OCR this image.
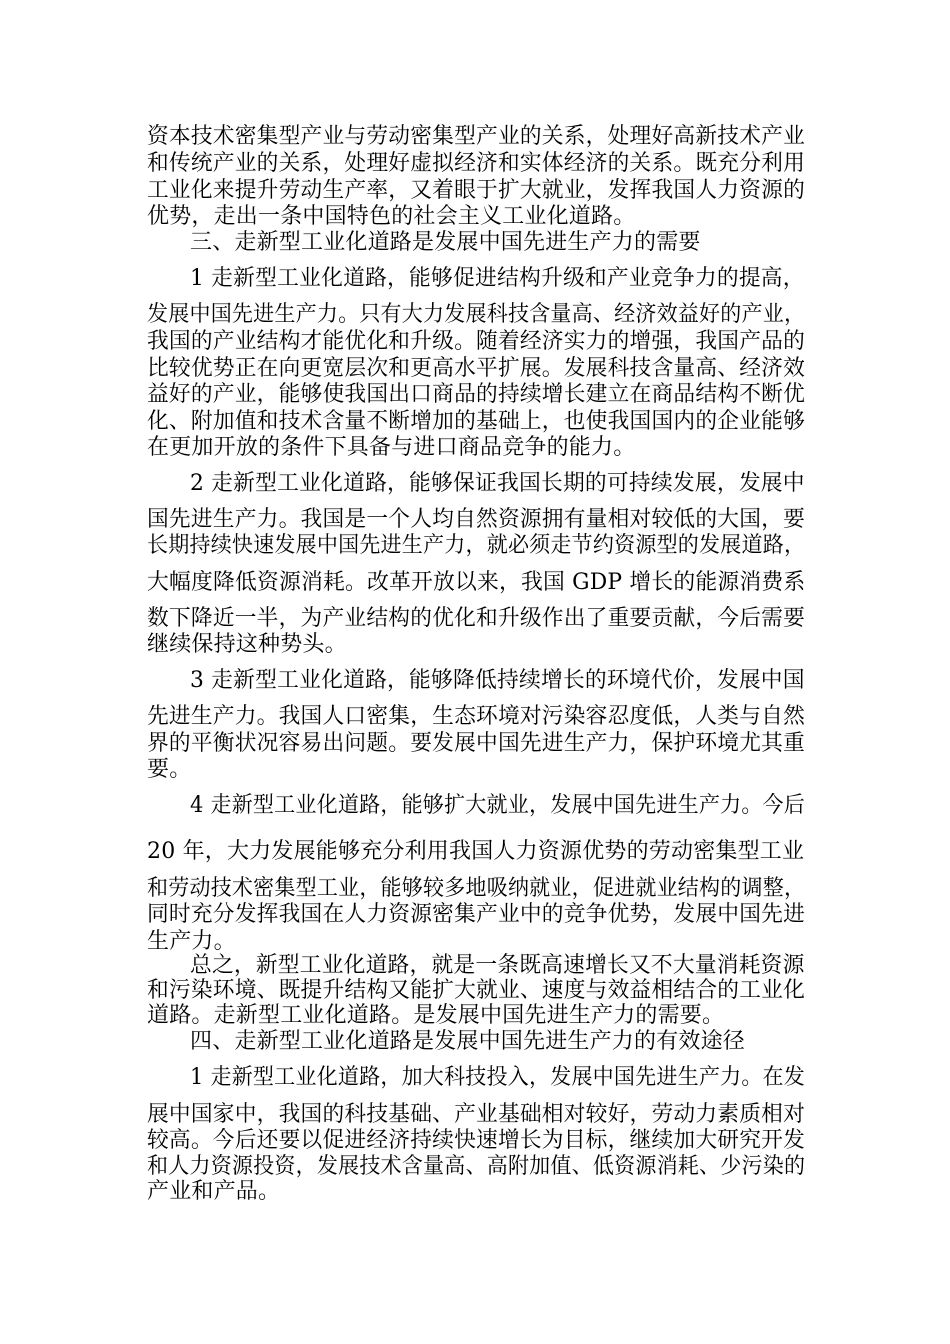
资本技术密集型产业与劳动密集型产业的关系，处理好高新技术产业
和传统产业的关系，处理好虚拟经济和实体经济的关系。既充分利用
工业化来提升劳动生产率，又着眼于扩大就业，发挥我国人力资源的
优势，走出一条中国特色的社会主义工业化道路。
三、走新型工业化道路是发展中国先进生产力的需要
1 走新型工业化道路，能够促进结构升级和产业竞争力的提高，
发展中国先进生产力。只有大力发展科技含量高、经济效益好的产业，
我国的产业结构才能优化和升级。随着经济实力的增强，我国产品的
比较优势正在向更宽层次和更高水平扩展。发展科技含量高、经济效
益好的产业，能够使我国出口商品的持续增长建立在商品结构不断优
化、附加值和技术含量不断增加的基础上，也使我国国内的企业能够
在更加开放的条件下具备与进口商品竞争的能力。
2 走新型工业化道路，能够保证我国长期的可持续发展，发展中
国先进生产力。我国是一个人均自然资源拥有量相对较低的大国，要
长期持续快速发展中国先进生产力，就必须走节约资源型的发展道路，
大幅度降低资源消耗。改革开放以来，我国 GDP 增长的能源消费系
数下降近一半，为产业结构的优化和升级作出了重要贡献，今后需要
继续保持这种势头。
3 走新型工业化道路，能够降低持续增长的环境代价，发展中国
先进生产力。我国人口密集，生态环境对污染容忍度低，人类与自然
界的平衡状况容易出问题。要发展中国先进生产力，保护环境尤其重
要。
4 走新型工业化道路，能够扩大就业，发展中国先进生产力。今后
20 年，大力发展能够充分利用我国人力资源优势的劳动密集型工业
和劳动技术密集型工业，能够较多地吸纳就业，促进就业结构的调整，
同时充分发挥我国在人力资源密集产业中的竞争优势，发展中国先进
生产力。
总之，新型工业化道路，就是一条既高速增长又不大量消耗资源
和污染环境、既提升结构又能扩大就业、速度与效益相结合的工业化
道路。走新型工业化道路。是发展中国先进生产力的需要。
四、走新型工业化道路是发展中国先进生产力的有效途径
1 走新型工业化道路，加大科技投入，发展中国先进生产力。在发
展中国家中，我国的科技基础、产业基础相对较好，劳动力素质相对
较高。今后还要以促进经济持续快速增长为目标，继续加大研究开发
和人力资源投资，发展技术含量高、高附加值、低资源消耗、少污染的
产业和产品。
